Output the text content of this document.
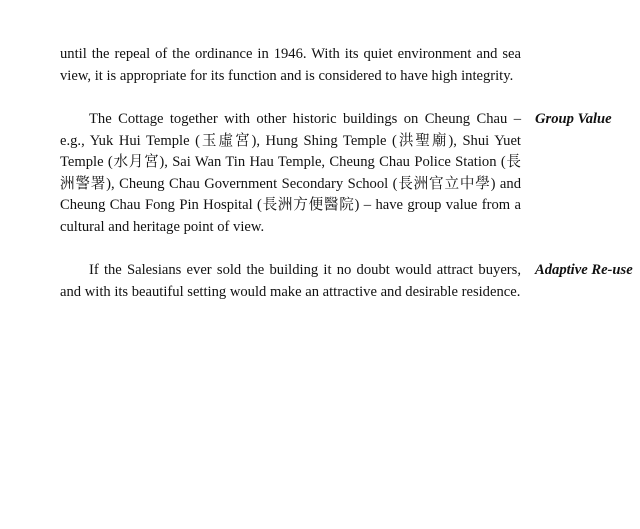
until the repeal of the ordinance in 1946. With its quiet environment and sea view, it is appropriate for its function and is considered to have high integrity.

The Cottage together with other historic buildings on Cheung Chau – e.g., Yuk Hui Temple (玉虛宮), Hung Shing Temple (洪聖廟), Shui Yuet Temple (水月宮), Sai Wan Tin Hau Temple, Cheung Chau Police Station (長洲警署), Cheung Chau Government Secondary School (長洲官立中學) and Cheung Chau Fong Pin Hospital (長洲方便醫院) – have group value from a cultural and heritage point of view.

Group Value

If the Salesians ever sold the building it no doubt would attract buyers, and with its beautiful setting would make an attractive and desirable residence.

Adaptive Re-use
